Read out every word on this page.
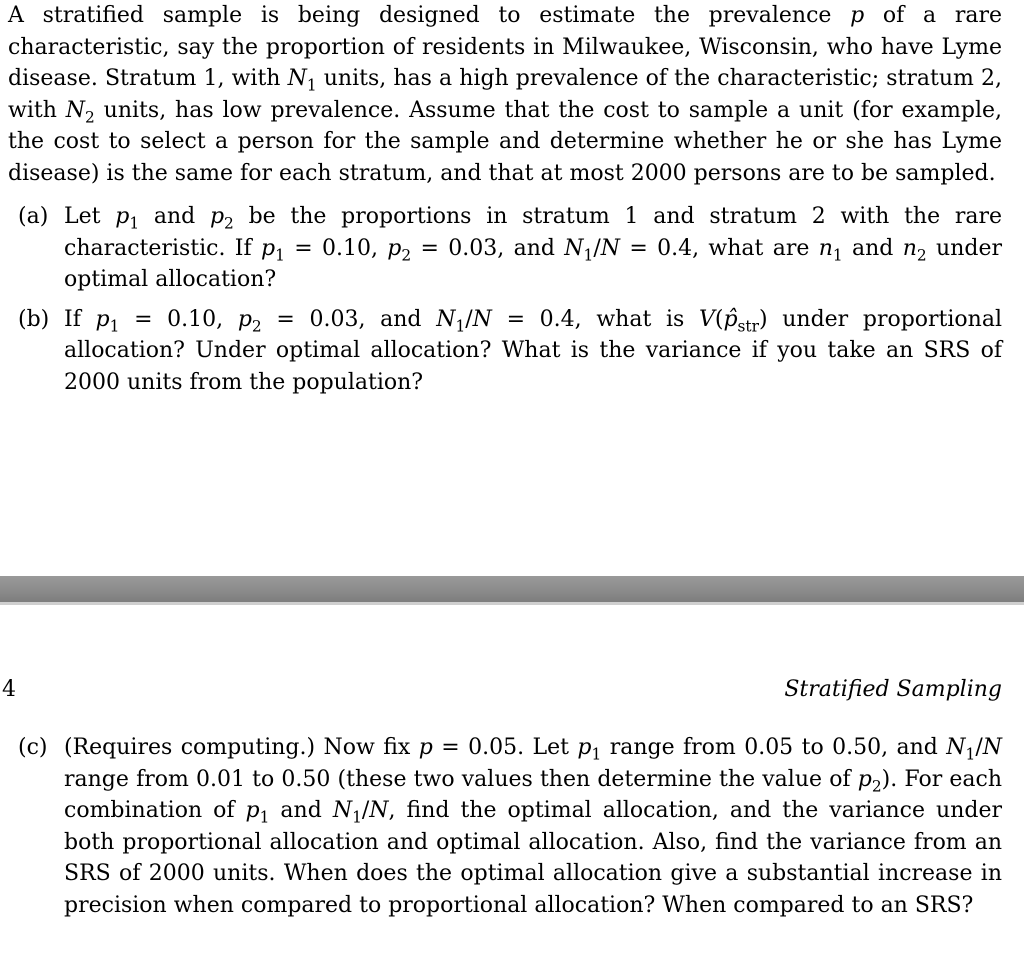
A stratified sample is being designed to estimate the prevalence p of a rare characteristic, say the proportion of residents in Milwaukee, Wisconsin, who have Lyme disease. Stratum 1, with $N_1$ units, has a high prevalence of the characteristic; stratum 2, with $N_2$ units, has low prevalence. Assume that the cost to sample a unit (for example, the cost to select a person for the sample and determine whether he or she has Lyme disease) is the same for each stratum, and that at most 2000 persons are to be sampled.

(a) Let $p_1$ and $p_2$ be the proportions in stratum 1 and stratum 2 with the rare characteristic. If $p_1 = 0.10$, $p_2 = 0.03$, and $N_1/N = 0.4$, what are $n_1$ and $n_2$ under optimal allocation?
(b) If $p_1 = 0.10$, $p_2 = 0.03$, and $N_1/N = 0.4$, what is $V(p̂_{str})$ under proportional allocation? Under optimal allocation? What is the variance if you take an SRS of 2000 units from the population?
4	Stratified Sampling
(c) (Requires computing.) Now fix p = 0.05. Let $p_1$ range from 0.05 to 0.50, and $N_1/N$ range from 0.01 to 0.50 (these two values then determine the value of $p_2$). For each combination of $p_1$ and $N_1/N$, find the optimal allocation, and the variance under both proportional allocation and optimal allocation. Also, find the variance from an SRS of 2000 units. When does the optimal allocation give a substantial increase in precision when compared to proportional allocation? When compared to an SRS?
